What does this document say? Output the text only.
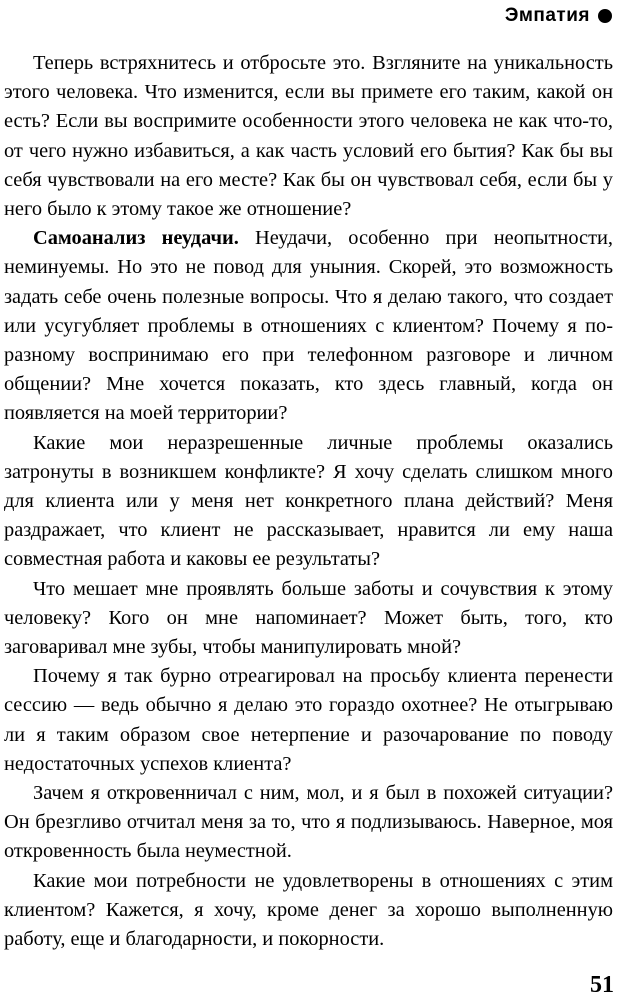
Эмпатия

Теперь встряхнитесь и отбросьте это. Взгляните на уникальность этого человека. Что изменится, если вы примете его таким, какой он есть? Если вы воспримите особенности этого человека не как что-то, от чего нужно избавиться, а как часть условий его бытия? Как бы вы себя чувствовали на его месте? Как бы он чувствовал себя, если бы у него было к этому такое же отношение?

Самоанализ неудачи. Неудачи, особенно при неопытности, неминуемы. Но это не повод для уныния. Скорей, это возможность задать себе очень полезные вопросы. Что я делаю такого, что создает или усугубляет проблемы в отношениях с клиентом? Почему я по-разному воспринимаю его при телефонном разговоре и личном общении? Мне хочется показать, кто здесь главный, когда он появляется на моей территории?

Какие мои неразрешенные личные проблемы оказались затронуты в возникшем конфликте? Я хочу сделать слишком много для клиента или у меня нет конкретного плана действий? Меня раздражает, что клиент не рассказывает, нравится ли ему наша совместная работа и каковы ее результаты?

Что мешает мне проявлять больше заботы и сочувствия к этому человеку? Кого он мне напоминает? Может быть, того, кто заговаривал мне зубы, чтобы манипулировать мной?

Почему я так бурно отреагировал на просьбу клиента перенести сессию — ведь обычно я делаю это гораздо охотнее? Не отыгрываю ли я таким образом свое нетерпение и разочарование по поводу недостаточных успехов клиента?

Зачем я откровенничал с ним, мол, и я был в похожей ситуации? Он брезгливо отчитал меня за то, что я подлизываюсь. Наверное, моя откровенность была неуместной.

Какие мои потребности не удовлетворены в отношениях с этим клиентом? Кажется, я хочу, кроме денег за хорошо выполненную работу, еще и благодарности, и покорности.

51
